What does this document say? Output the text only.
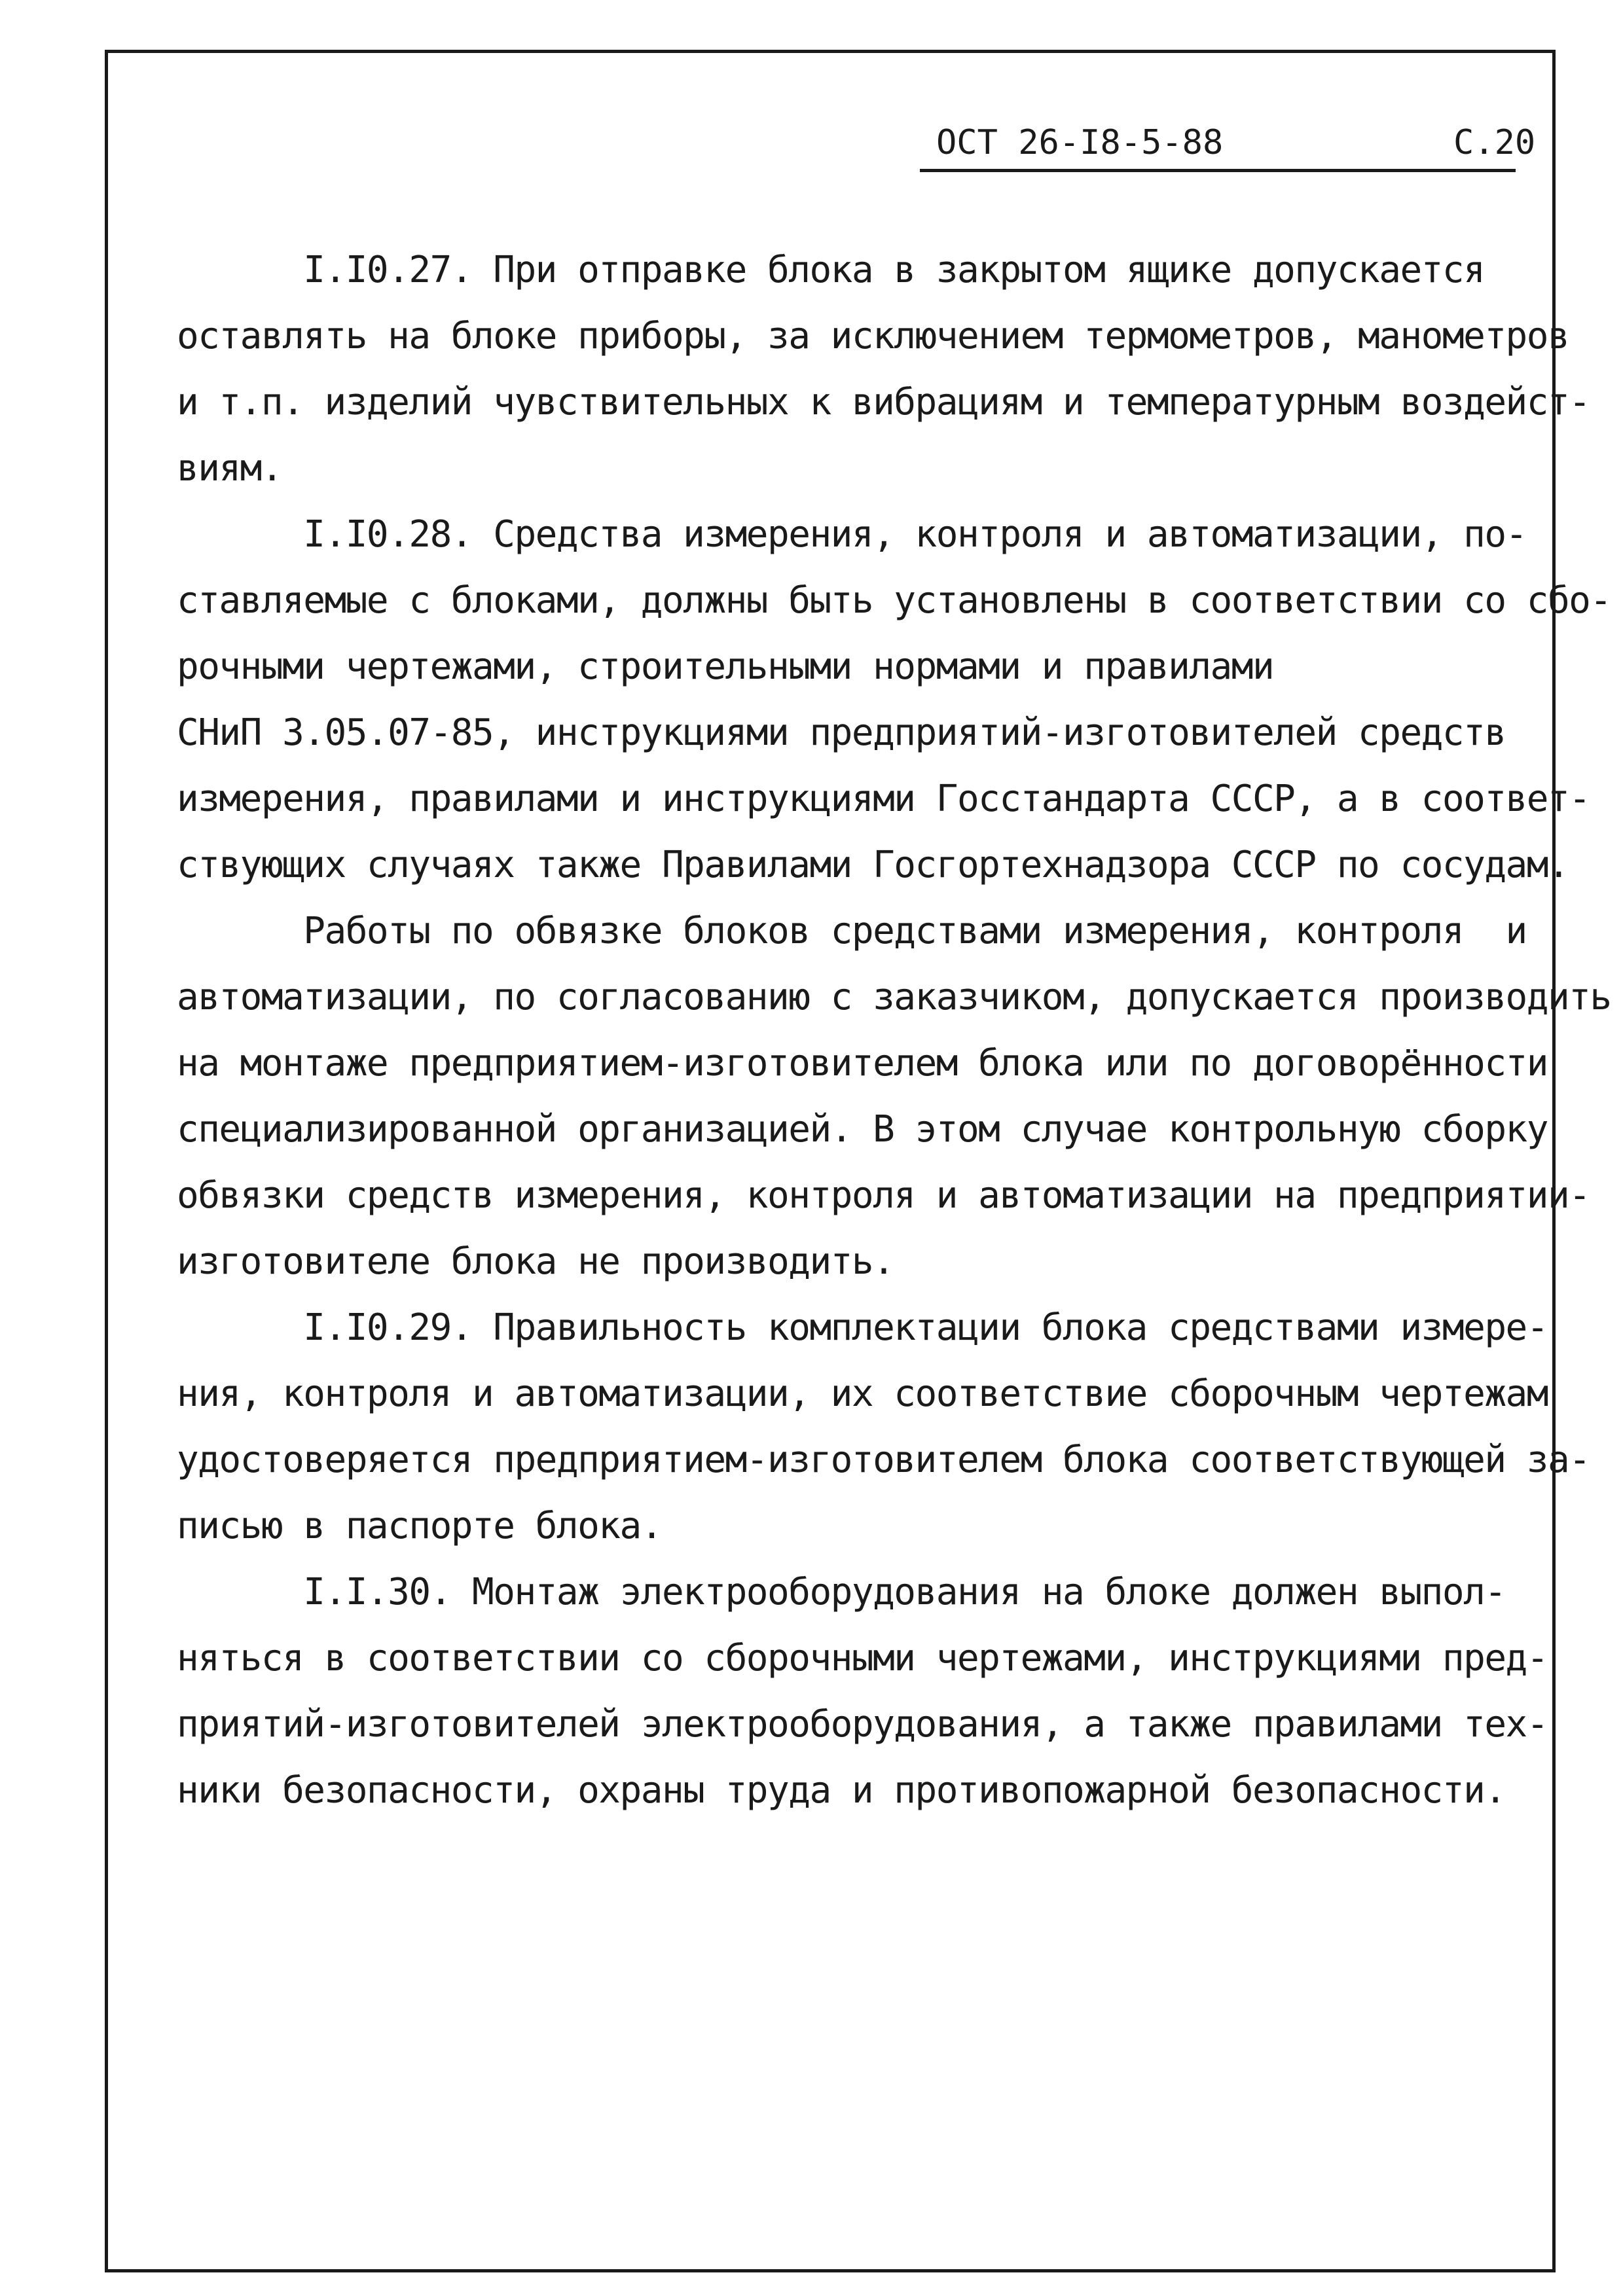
ОСТ 26-I8-5-88	С.20
I.I0.27. При отправке блока в закрытом ящике допускается
оставлять на блоке приборы, за исключением термометров, манометров
и т.п. изделий чувствительных к вибрациям и температурным воздейст-
виям.
I.I0.28. Средства измерения, контроля и автоматизации, по-
ставляемые с блоками, должны быть установлены в соответствии со сбо-
рочными чертежами, строительными нормами и правилами
СНиП 3.05.07-85, инструкциями предприятий-изготовителей средств
измерения, правилами и инструкциями Госстандарта СССР, а в соответ-
ствующих случаях также Правилами Госгортехнадзора СССР по сосудам.
Работы по обвязке блоков средствами измерения, контроля  и
автоматизации, по согласованию с заказчиком, допускается производить
на монтаже предприятием-изготовителем блока или по договорённости
специализированной организацией. В этом случае контрольную сборку
обвязки средств измерения, контроля и автоматизации на предприятии-
изготовителе блока не производить.
I.I0.29. Правильность комплектации блока средствами измере-
ния, контроля и автоматизации, их соответствие сборочным чертежам
удостоверяется предприятием-изготовителем блока соответствующей за-
писью в паспорте блока.
I.I.30. Монтаж электрооборудования на блоке должен выпол-
няться в соответствии со сборочными чертежами, инструкциями пред-
приятий-изготовителей электрооборудования, а также правилами тех-
ники безопасности, охраны труда и противопожарной безопасности.
